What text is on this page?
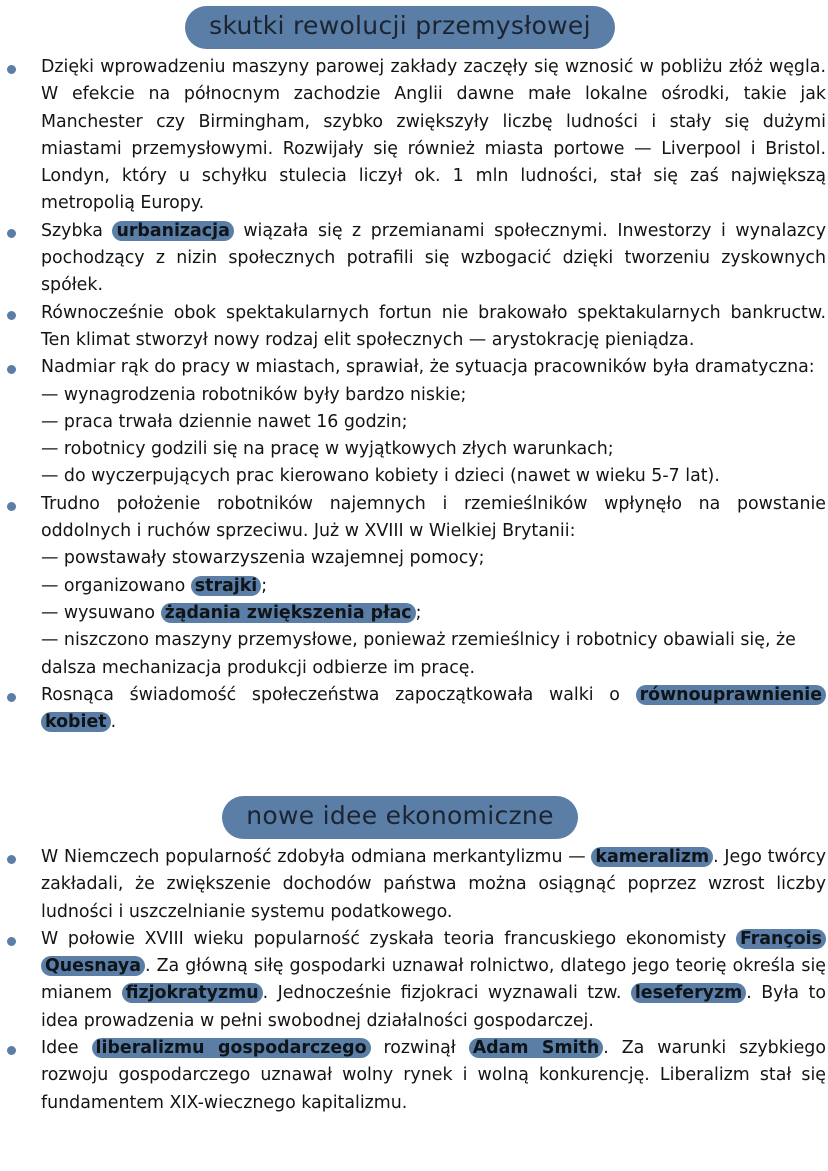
skutki rewolucji przemysłowej
Dzięki wprowadzeniu maszyny parowej zakłady zaczęły się wznosić w pobliżu złóż węgla. W efekcie na północnym zachodzie Anglii dawne małe lokalne ośrodki, takie jak Manchester czy Birmingham, szybko zwiększyły liczbę ludności i stały się dużymi miastami przemysłowymi. Rozwijały się również miasta portowe — Liverpool i Bristol. Londyn, który u schyłku stulecia liczył ok. 1 mln ludności, stał się zaś największą metropolią Europy.
Szybka urbanizacja wiązała się z przemianami społecznymi. Inwestorzy i wynalazcy pochodzący z nizin społecznych potrafili się wzbogacić dzięki tworzeniu zyskownych spółek.
Równocześnie obok spektakularnych fortun nie brakowało spektakularnych bankructw. Ten klimat stworzył nowy rodzaj elit społecznych — arystokrację pieniądza.
Nadmiar rąk do pracy w miastach, sprawiał, że sytuacja pracowników była dramatyczna:
— wynagrodzenia robotników były bardzo niskie;
— praca trwała dziennie nawet 16 godzin;
— robotnicy godzili się na pracę w wyjątkowych złych warunkach;
— do wyczerpujących prac kierowano kobiety i dzieci (nawet w wieku 5-7 lat).
Trudno położenie robotników najemnych i rzemieślników wpłynęło na powstanie oddolnych i ruchów sprzeciwu. Już w XVIII w Wielkiej Brytanii:
— powstawały stowarzyszenia wzajemnej pomocy;
— organizowano strajki ;
— wysuwano żądania zwiększenia płac ;
— niszczono maszyny przemysłowe, ponieważ rzemieślnicy i robotnicy obawiali się, że dalsza mechanizacja produkcji odbierze im pracę.
Rosnąca świadomość społeczeństwa zapoczątkowała walki o równouprawnienie kobiet .
nowe idee ekonomiczne
W Niemczech popularność zdobyła odmiana merkantylizmu — kameralizm . Jego twórcy zakładali, że zwiększenie dochodów państwa można osiągnąć poprzez wzrost liczby ludności i uszczelnianie systemu podatkowego.
W połowie XVIII wieku popularność zyskała teoria francuskiego ekonomisty François Quesnaya . Za główną siłę gospodarki uznawał rolnictwo, dlatego jego teorię określa się mianem fizjokratyzmu . Jednocześnie fizjokraci wyznawali tzw. leseferyzm . Była to idea prowadzenia w pełni swobodnej działalności gospodarczej.
Idee liberalizmu gospodarczego rozwinął Adam Smith . Za warunki szybkiego rozwoju gospodarczego uznawał wolny rynek i wolną konkurencję. Liberalizm stał się fundamentem XIX-wiecznego kapitalizmu.
